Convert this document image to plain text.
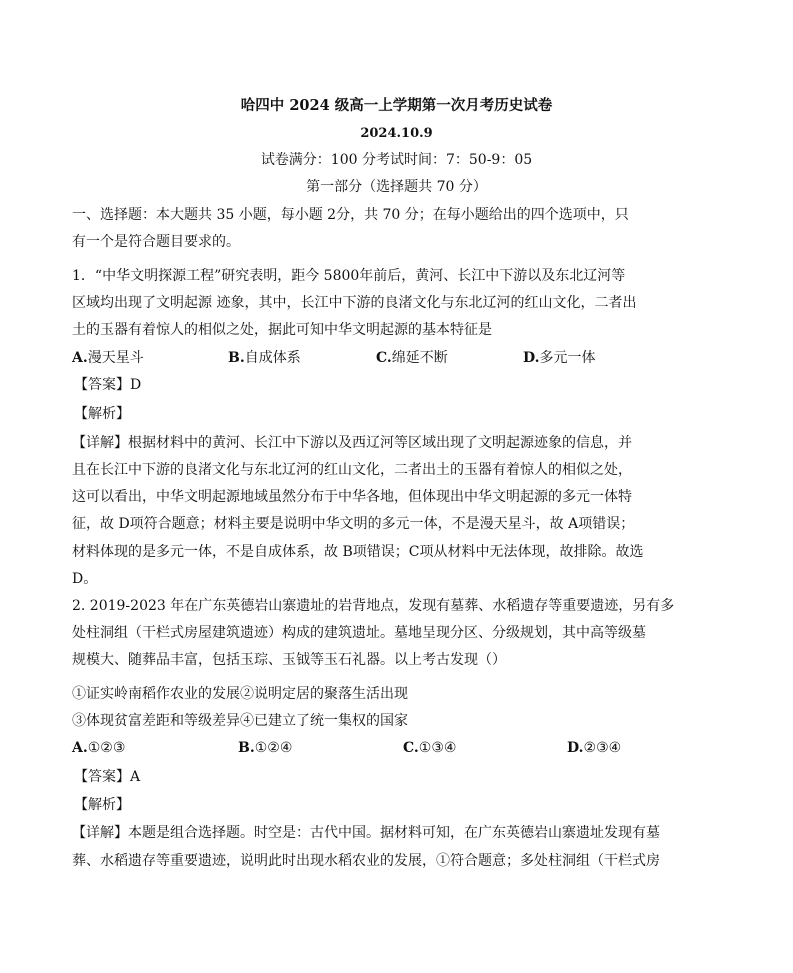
哈四中 2024 级高一上学期第一次月考历史试卷
2024.10.9
试卷满分：100 分考试时间：7：50-9：05
第一部分（选择题共 70 分）
一、选择题：本大题共 35 小题，每小题 2分，共 70 分；在每小题给出的四个选项中，只
有一个是符合题目要求的。
1．“中华文明探源工程”研究表明，距今 5800年前后，黄河、长江中下游以及东北辽河等
区域均出现了文明起源 迹象，其中，长江中下游的良渚文化与东北辽河的红山文化，二者出
土的玉器有着惊人的相似之处，据此可知中华文明起源的基本特征是
A.漫天星斗	B.自成体系	C.绵延不断	D.多元一体
【答案】D
【解析】
【详解】根据材料中的黄河、长江中下游以及西辽河等区域出现了文明起源迹象的信息，并
且在长江中下游的良渚文化与东北辽河的红山文化，二者出土的玉器有着惊人的相似之处，
这可以看出，中华文明起源地域虽然分布于中华各地，但体现出中华文明起源的多元一体特
征，故 D项符合题意；材料主要是说明中华文明的多元一体，不是漫天星斗，故 A项错误；
材料体现的是多元一体，不是自成体系，故 B项错误；C项从材料中无法体现，故排除。故选
D。
2. 2019-2023 年在广东英德岩山寨遗址的岩背地点，发现有墓葬、水稻遗存等重要遗迹，另有多
处柱洞组（干栏式房屋建筑遗迹）构成的建筑遗址。墓地呈现分区、分级规划，其中高等级墓
规模大、随葬品丰富，包括玉琮、玉钺等玉石礼器。以上考古发现（）
①证实岭南稻作农业的发展②说明定居的聚落生活出现
③体现贫富差距和等级差异④已建立了统一集权的国家
A.①②③	B.①②④	C.①③④	D.②③④
【答案】A
【解析】
【详解】本题是组合选择题。时空是：古代中国。据材料可知，在广东英德岩山寨遗址发现有墓
葬、水稻遗存等重要遗迹，说明此时出现水稻农业的发展，①符合题意；多处柱洞组（干栏式房
